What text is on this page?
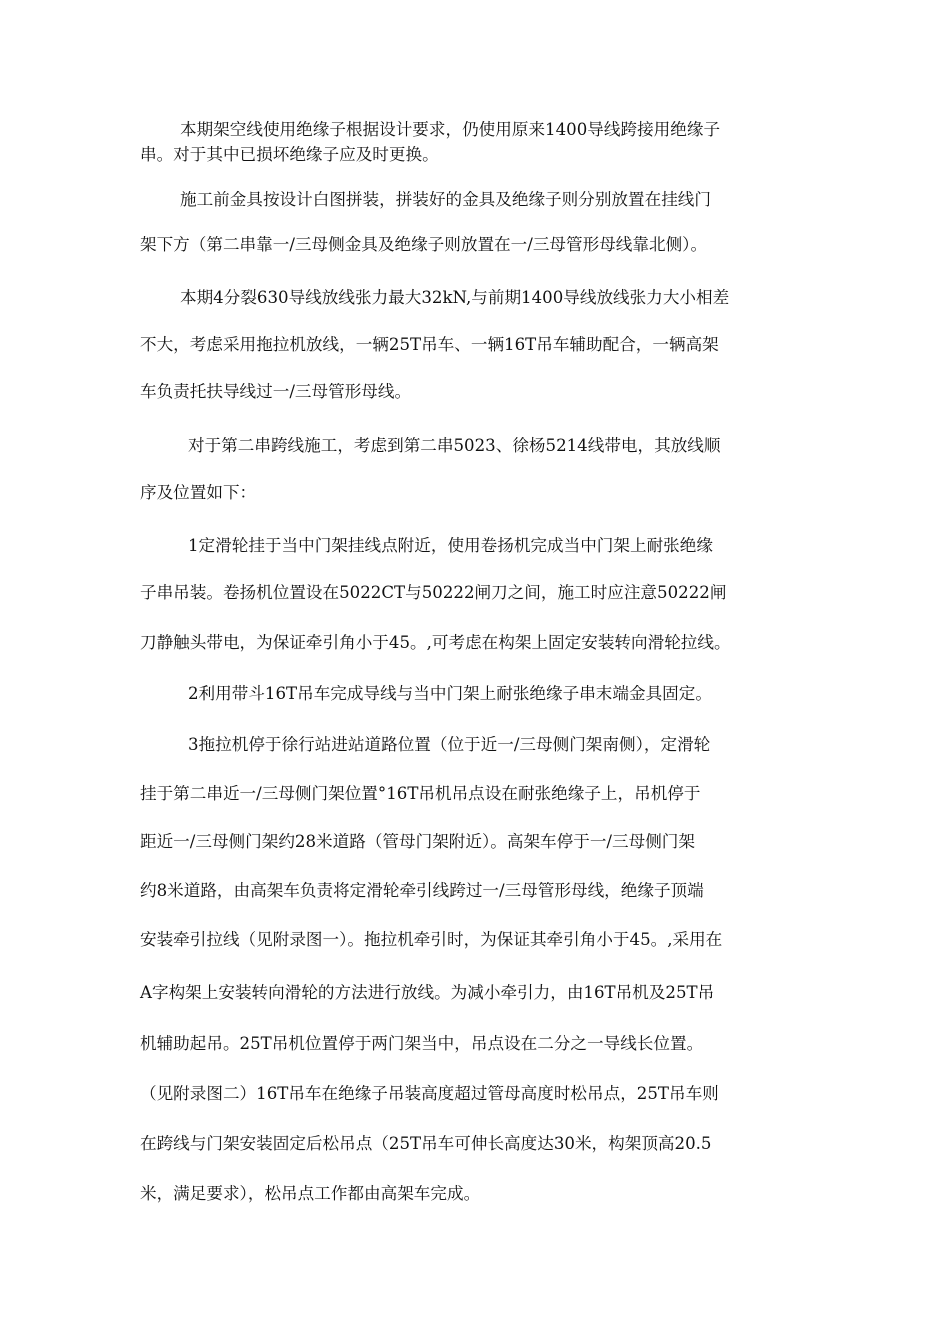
本期架空线使用绝缘子根据设计要求，仍使用原来1400导线跨接用绝缘子
串。对于其中已损坏绝缘子应及时更换。
施工前金具按设计白图拼装，拼装好的金具及绝缘子则分别放置在挂线门
架下方（第二串靠一/三母侧金具及绝缘子则放置在一/三母管形母线靠北侧）。
本期4分裂630导线放线张力最大32kN,与前期1400导线放线张力大小相差
不大，考虑采用拖拉机放线，一辆25T吊车、一辆16T吊车辅助配合，一辆高架
车负责托扶导线过一/三母管形母线。
对于第二串跨线施工，考虑到第二串5023、徐杨5214线带电，其放线顺
序及位置如下：
1定滑轮挂于当中门架挂线点附近，使用卷扬机完成当中门架上耐张绝缘
子串吊装。卷扬机位置设在5022CT与50222闸刀之间，施工时应注意50222闸
刀静触头带电，为保证牵引角小于45。,可考虑在构架上固定安装转向滑轮拉线。
2利用带斗16T吊车完成导线与当中门架上耐张绝缘子串末端金具固定。
3拖拉机停于徐行站进站道路位置（位于近一/三母侧门架南侧），定滑轮
挂于第二串近一/三母侧门架位置°16T吊机吊点设在耐张绝缘子上，吊机停于
距近一/三母侧门架约28米道路（管母门架附近）。高架车停于一/三母侧门架
约8米道路，由高架车负责将定滑轮牵引线跨过一/三母管形母线，绝缘子顶端
安装牵引拉线（见附录图一）。拖拉机牵引时，为保证其牵引角小于45。,采用在
A字构架上安装转向滑轮的方法进行放线。为减小牵引力，由16T吊机及25T吊
机辅助起吊。25T吊机位置停于两门架当中，吊点设在二分之一导线长位置。
（见附录图二）16T吊车在绝缘子吊装高度超过管母高度时松吊点，25T吊车则
在跨线与门架安装固定后松吊点（25T吊车可伸长高度达30米，构架顶高20.5
米，满足要求），松吊点工作都由高架车完成。
